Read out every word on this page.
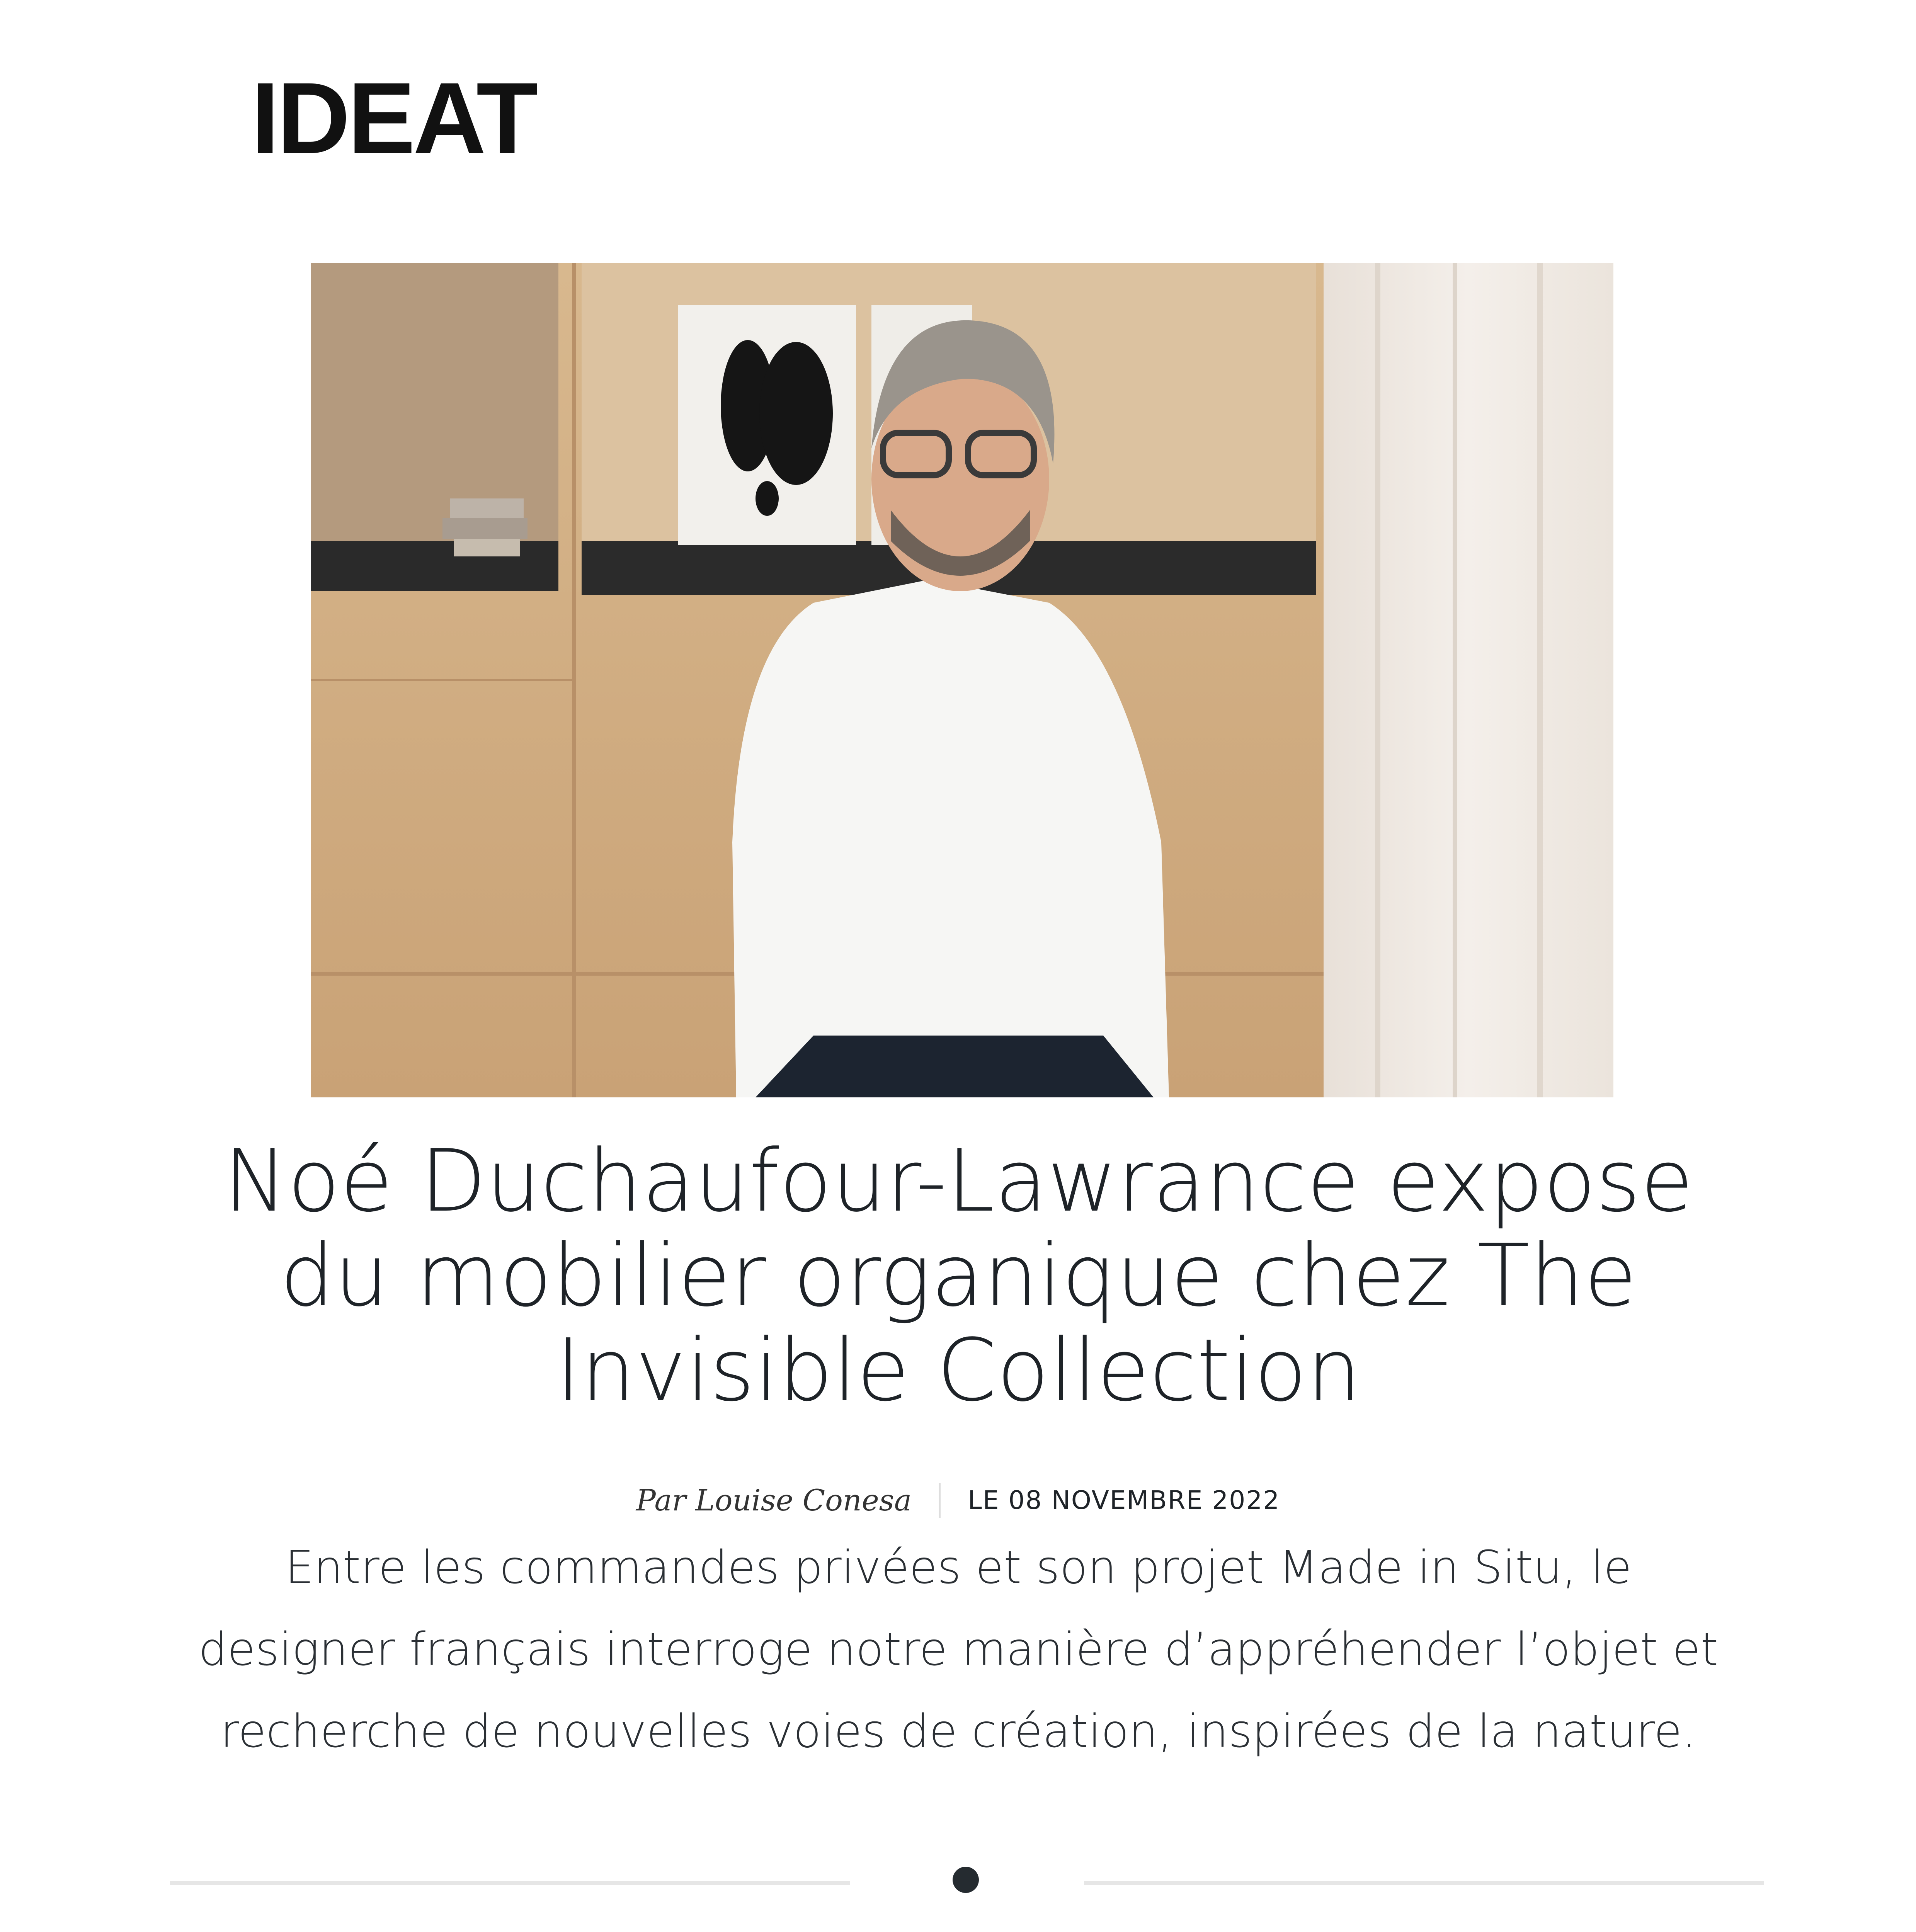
IDEAT
Noé Duchaufour-Lawrance expose du mobilier organique chez The Invisible Collection
Par Louise Conesa LE 08 NOVEMBRE 2022

Entre les commandes privées et son projet Made in Situ, le designer français interroge notre manière d’appréhender l’objet et recherche de nouvelles voies de création, inspirées de la nature.
